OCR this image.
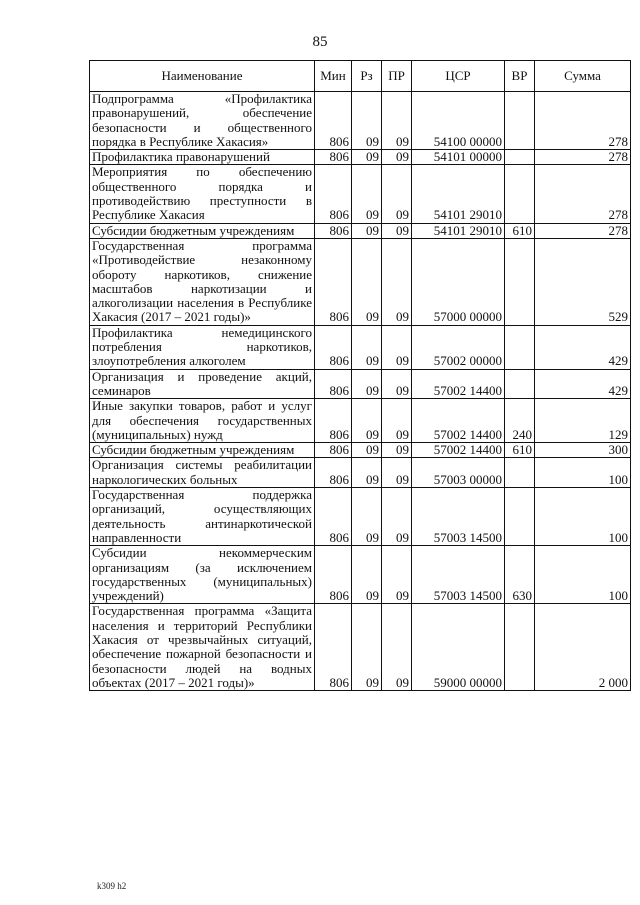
85
Наименование	Мин	Рз	ПР	ЦСР	ВР	Сумма
Подпрограмма «Профилактика правонарушений, обеспечение безопасности и общественного порядка в Республике Хакасия»	806	09	09	54100 00000		278
Профилактика правонарушений	806	09	09	54101 00000		278
Мероприятия по обеспечению общественного порядка и противодействию преступности в Республике Хакасия	806	09	09	54101 29010		278
Субсидии бюджетным учреждениям	806	09	09	54101 29010	610	278
Государственная программа «Противодействие незаконному обороту наркотиков, снижение масштабов наркотизации и алкоголизации населения в Республике Хакасия (2017 – 2021 годы)»	806	09	09	57000 00000		529
Профилактика немедицинского потребления наркотиков, злоупотребления алкоголем	806	09	09	57002 00000		429
Организация и проведение акций, семинаров	806	09	09	57002 14400		429
Иные закупки товаров, работ и услуг для обеспечения государственных (муниципальных) нужд	806	09	09	57002 14400	240	129
Субсидии бюджетным учреждениям	806	09	09	57002 14400	610	300
Организация системы реабилитации наркологических больных	806	09	09	57003 00000		100
Государственная поддержка организаций, осуществляющих деятельность антинаркотической направленности	806	09	09	57003 14500		100
Субсидии некоммерческим организациям (за исключением государственных (муниципальных) учреждений)	806	09	09	57003 14500	630	100
Государственная программа «Защита населения и территорий Республики Хакасия от чрезвычайных ситуаций, обеспечение пожарной безопасности и безопасности людей на водных объектах (2017 – 2021 годы)»	806	09	09	59000 00000		2 000
k309 h2
